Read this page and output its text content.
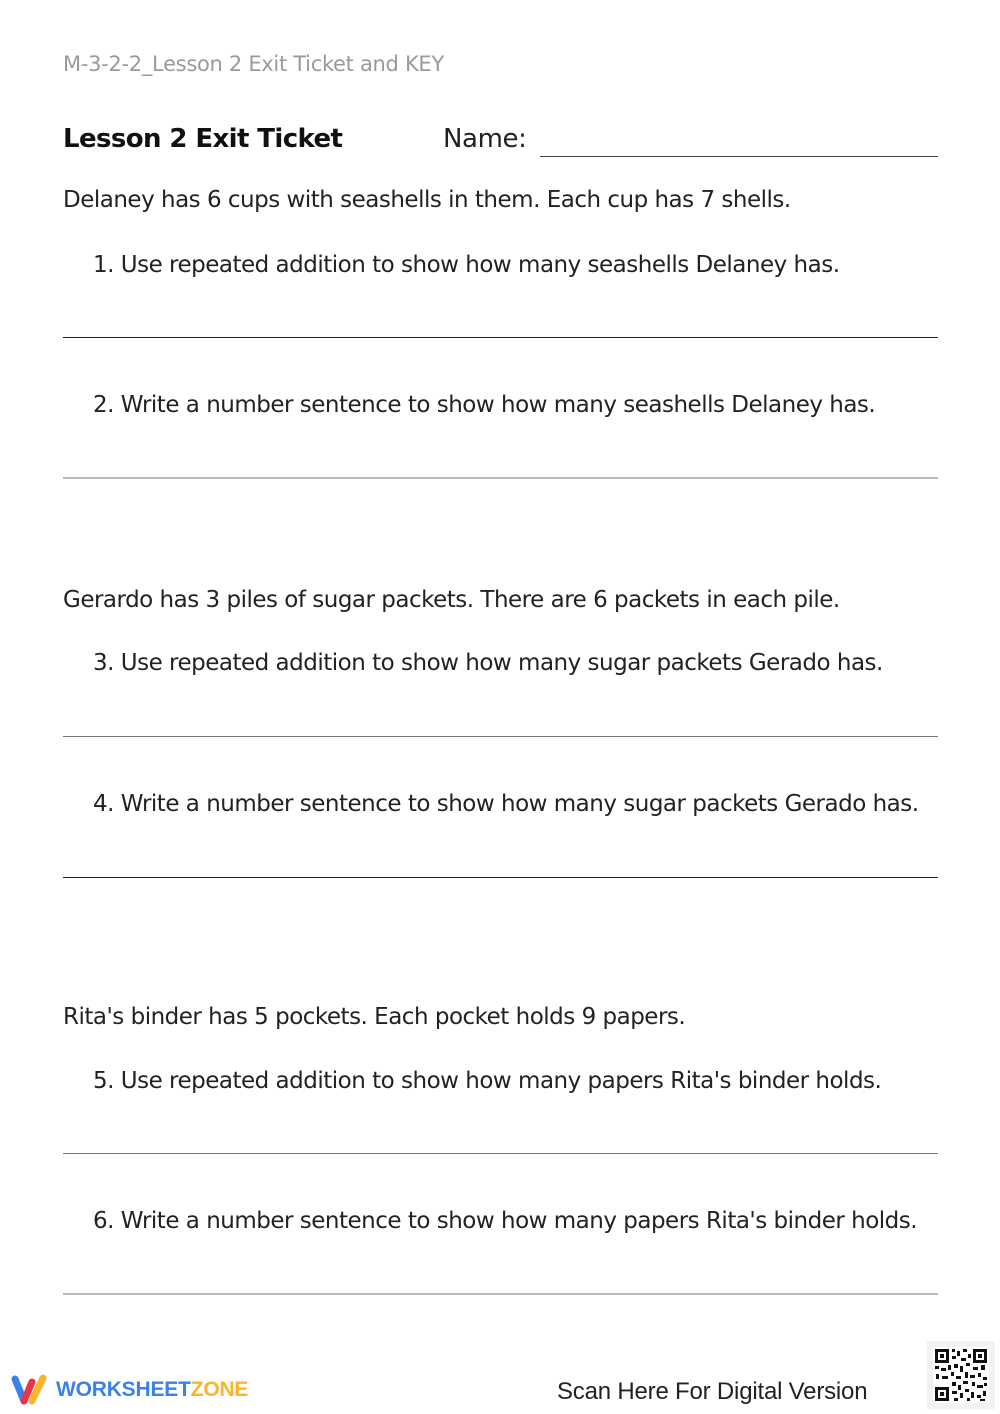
M-3-2-2_Lesson 2 Exit Ticket and KEY
Lesson 2 Exit Ticket	Name:
Delaney has 6 cups with seashells in them. Each cup has 7 shells.
1. Use repeated addition to show how many seashells Delaney has.
2. Write a number sentence to show how many seashells Delaney has.
Gerardo has 3 piles of sugar packets. There are 6 packets in each pile.
3. Use repeated addition to show how many sugar packets Gerado has.
4. Write a number sentence to show how many sugar packets Gerado has.
Rita's binder has 5 pockets. Each pocket holds 9 papers.
5. Use repeated addition to show how many papers Rita's binder holds.
6. Write a number sentence to show how many papers Rita's binder holds.
WORKSHEETZONE	Scan Here For Digital Version
